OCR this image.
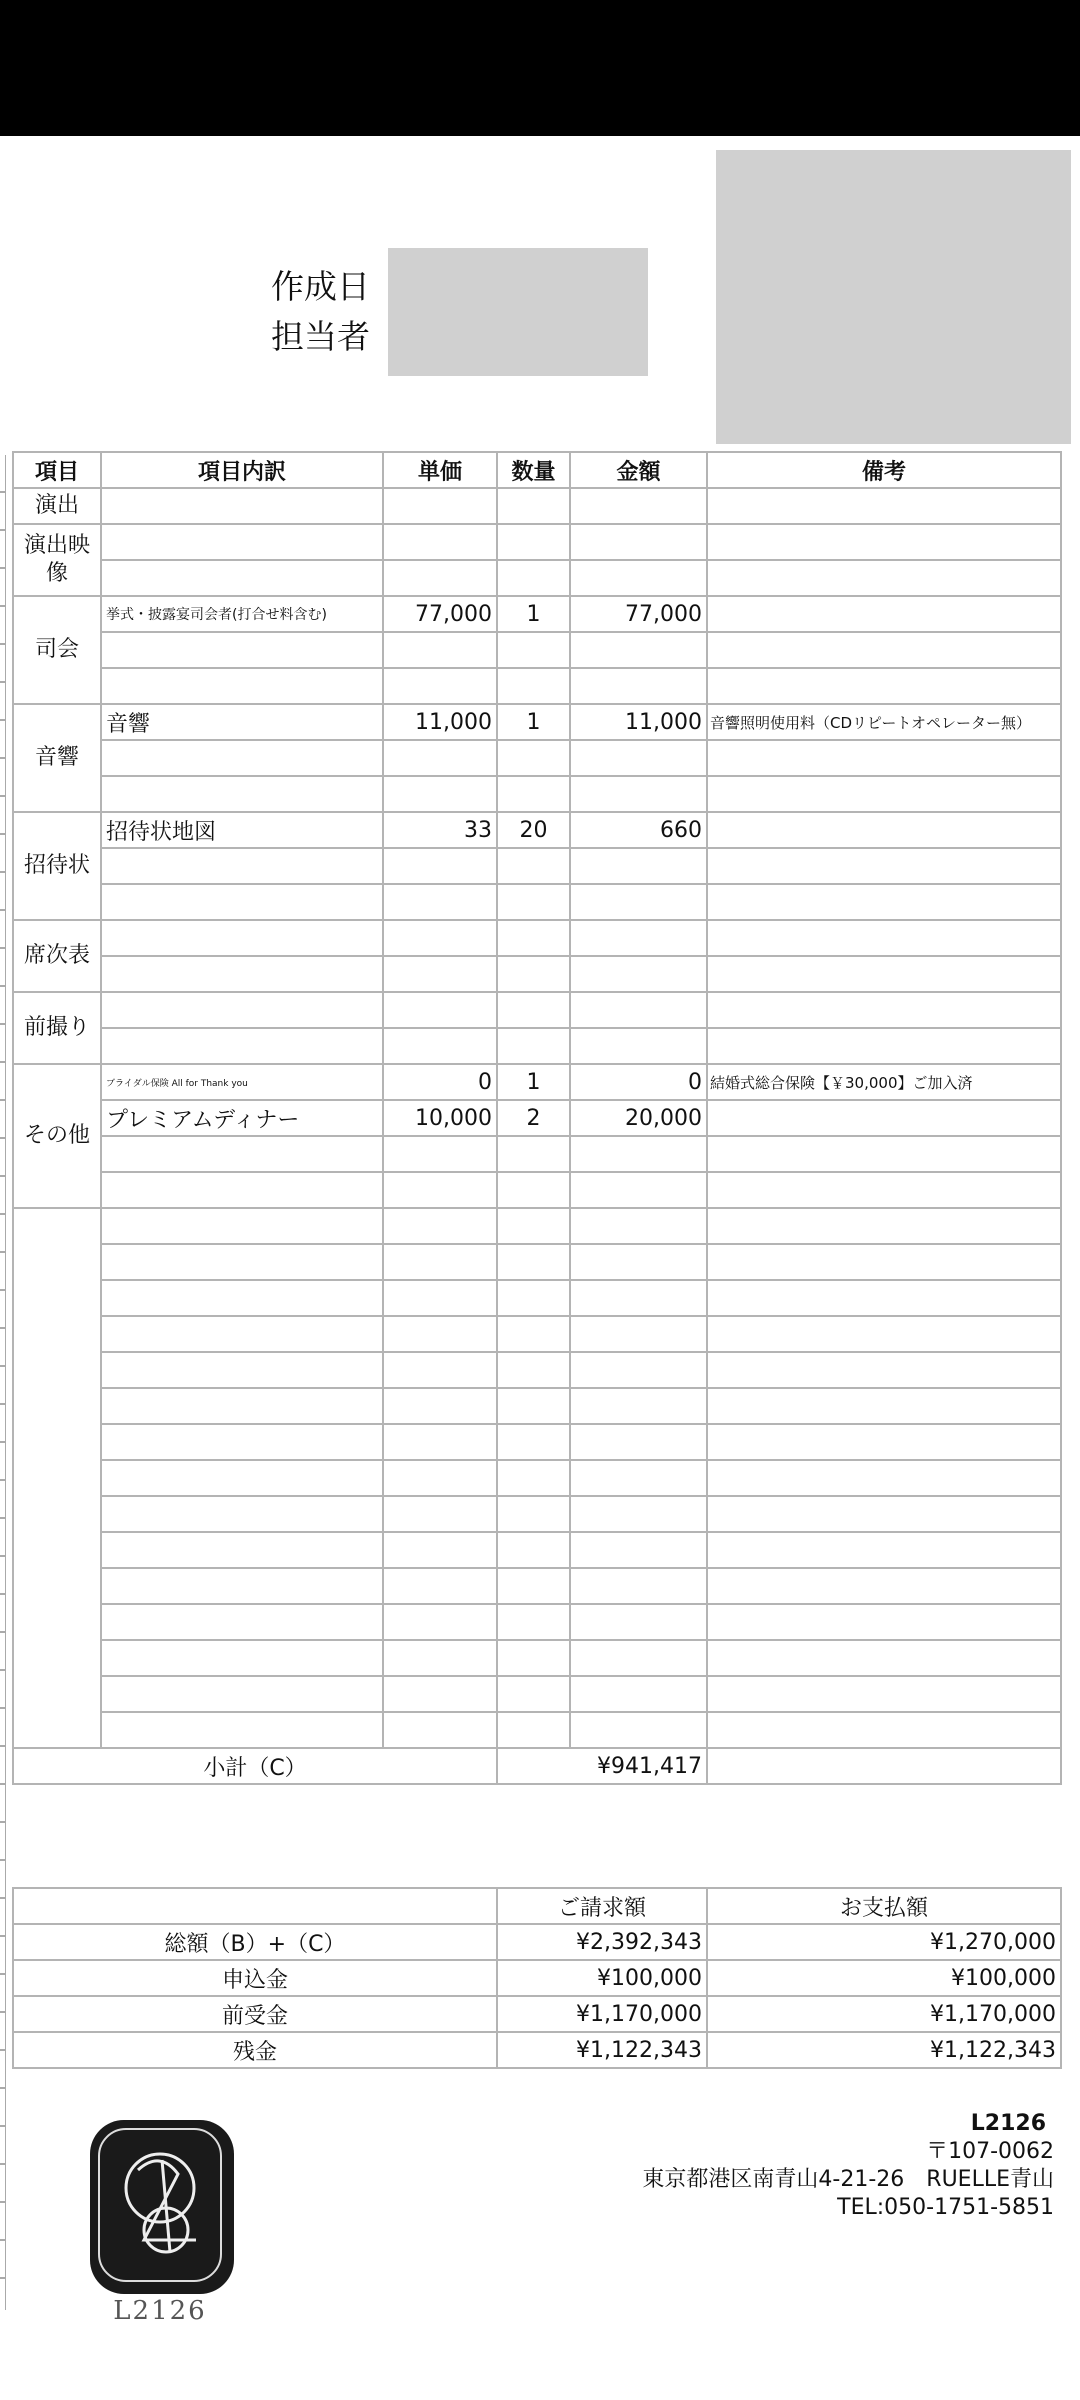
作成日
担当者
項目	項目内訳	単価	数量	金額	備考
演出					
演出映像					

司会	挙式・披露宴司会者(打合せ料含む)	77,000	1	77,000	

音響	音響	11,000	1	11,000	音響照明使用料（CDリピートオペレーター無）

招待状	招待状地図	33	20	660	

席次表					

前撮り					

その他	ブライダル保険 All for Thank you	0	1	0	結婚式総合保険【￥30,000】ご加入済
	プレミアムディナー	10,000	2	20,000	

小計（C）			¥941,417		
	ご請求額	お支払額
総額（B）+（C）	¥2,392,343	¥1,270,000
申込金	¥100,000	¥100,000
前受金	¥1,170,000	¥1,170,000
残金	¥1,122,343	¥1,122,343
L2126
L2126
〒107-0062
東京都港区南青山4-21-26　RUELLE青山
TEL:050-1751-5851
